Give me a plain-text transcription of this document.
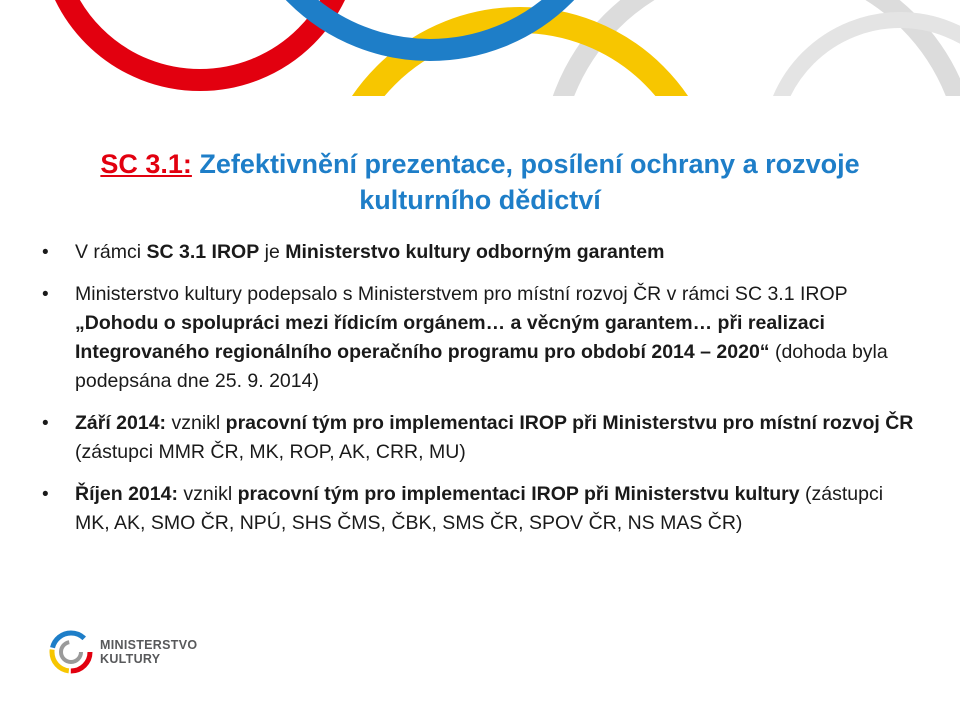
SC 3.1: Zefektivnění prezentace, posílení ochrany a rozvoje
kulturního dědictví
• V rámci SC 3.1 IROP je Ministerstvo kultury odborným garantem
• Ministerstvo kultury podepsalo s Ministerstvem pro místní rozvoj ČR v rámci SC 3.1 IROP „Dohodu o spolupráci mezi řídicím orgánem… a věcným garantem… při realizaci Integrovaného regionálního operačního programu pro období 2014 – 2020“ (dohoda byla podepsána dne 25. 9. 2014)
• Září 2014: vznikl pracovní tým pro implementaci IROP při Ministerstvu pro místní rozvoj ČR (zástupci MMR ČR, MK, ROP, AK, CRR, MU)
• Říjen 2014: vznikl pracovní tým pro implementaci IROP při Ministerstvu kultury (zástupci MK, AK, SMO ČR, NPÚ, SHS ČMS, ČBK, SMS ČR, SPOV ČR, NS MAS ČR)
MINISTERSTVO
KULTURY
